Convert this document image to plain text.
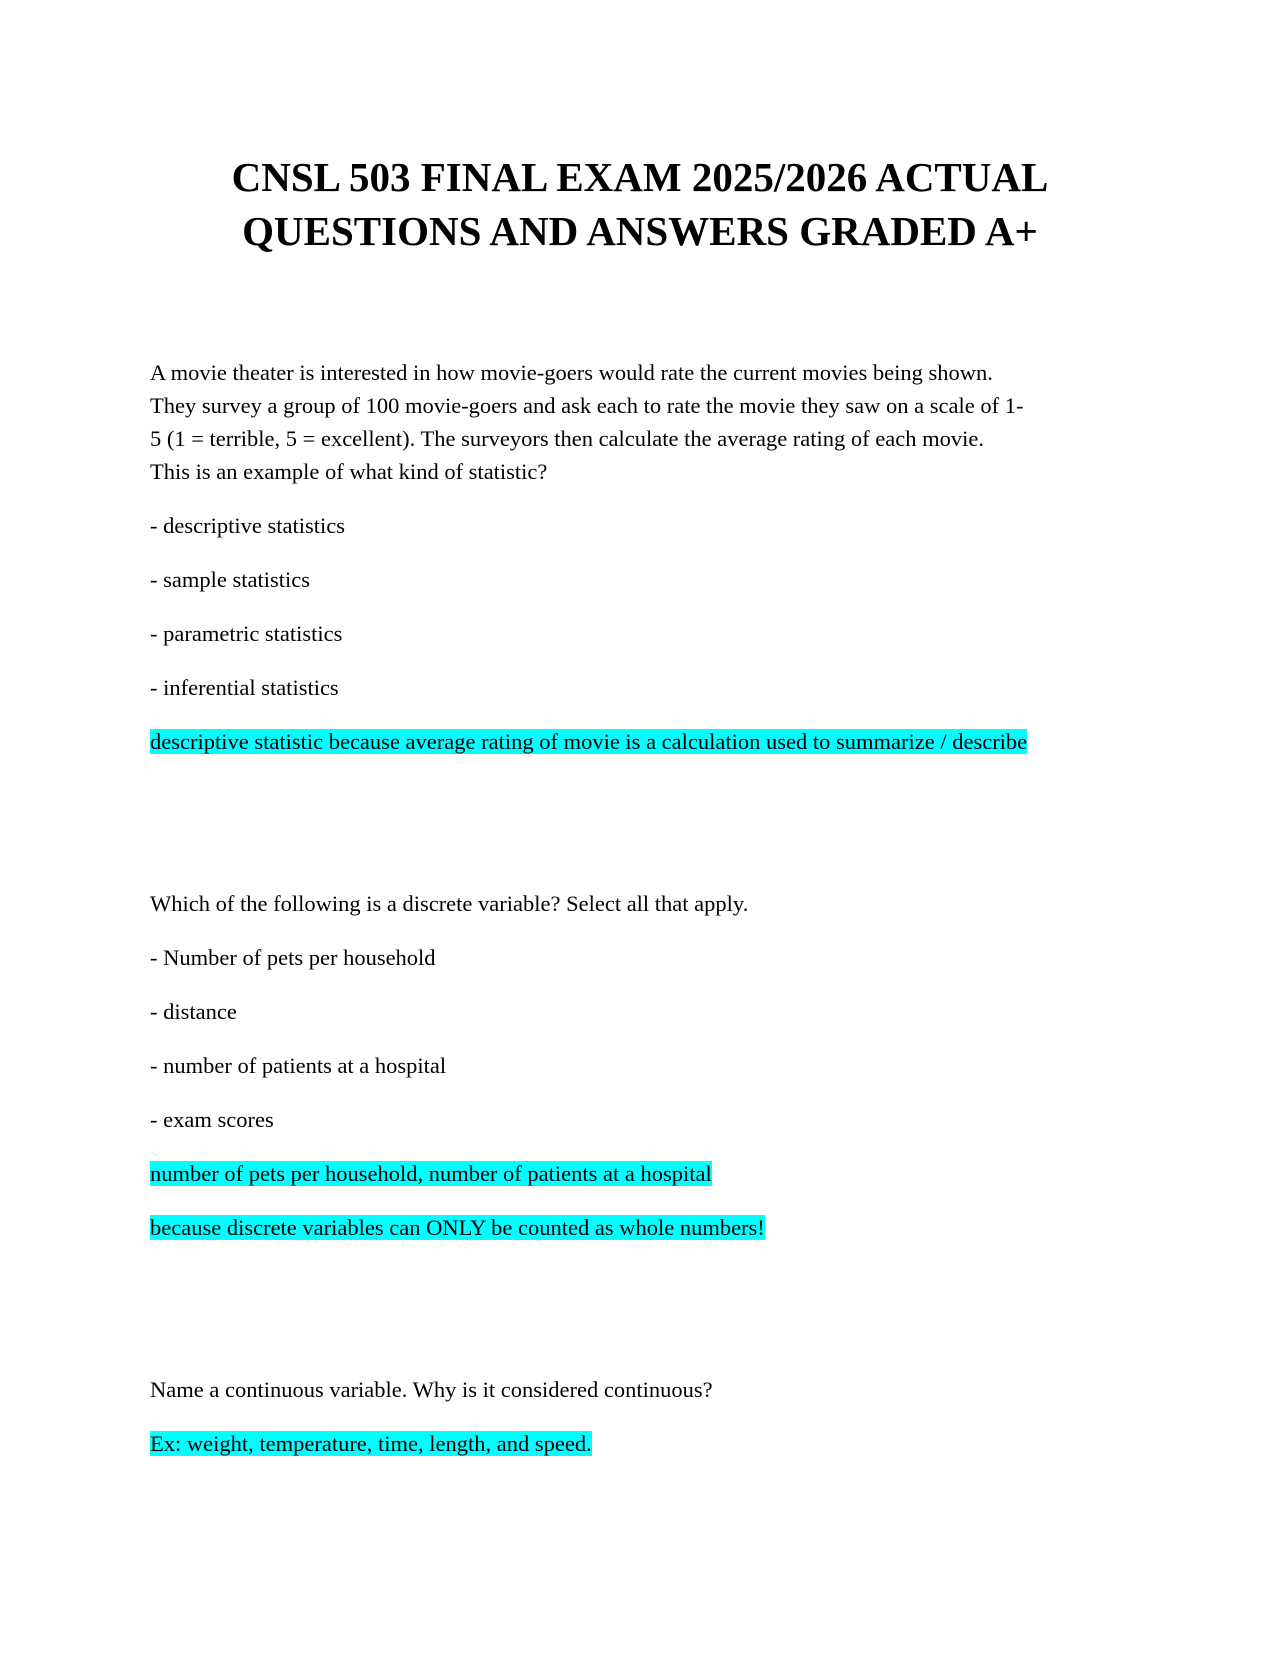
CNSL 503 FINAL EXAM 2025/2026 ACTUAL
QUESTIONS AND ANSWERS GRADED A+

A movie theater is interested in how movie-goers would rate the current movies being shown.

They survey a group of 100 movie-goers and ask each to rate the movie they saw on a scale of 1-

5 (1 = terrible, 5 = excellent). The surveyors then calculate the average rating of each movie.

This is an example of what kind of statistic?

- descriptive statistics

- sample statistics

- parametric statistics

- inferential statistics

descriptive statistic because average rating of movie is a calculation used to summarize / describe

Which of the following is a discrete variable? Select all that apply.

- Number of pets per household

- distance

- number of patients at a hospital

- exam scores

number of pets per household, number of patients at a hospital

because discrete variables can ONLY be counted as whole numbers!

Name a continuous variable. Why is it considered continuous?

Ex: weight, temperature, time, length, and speed.
